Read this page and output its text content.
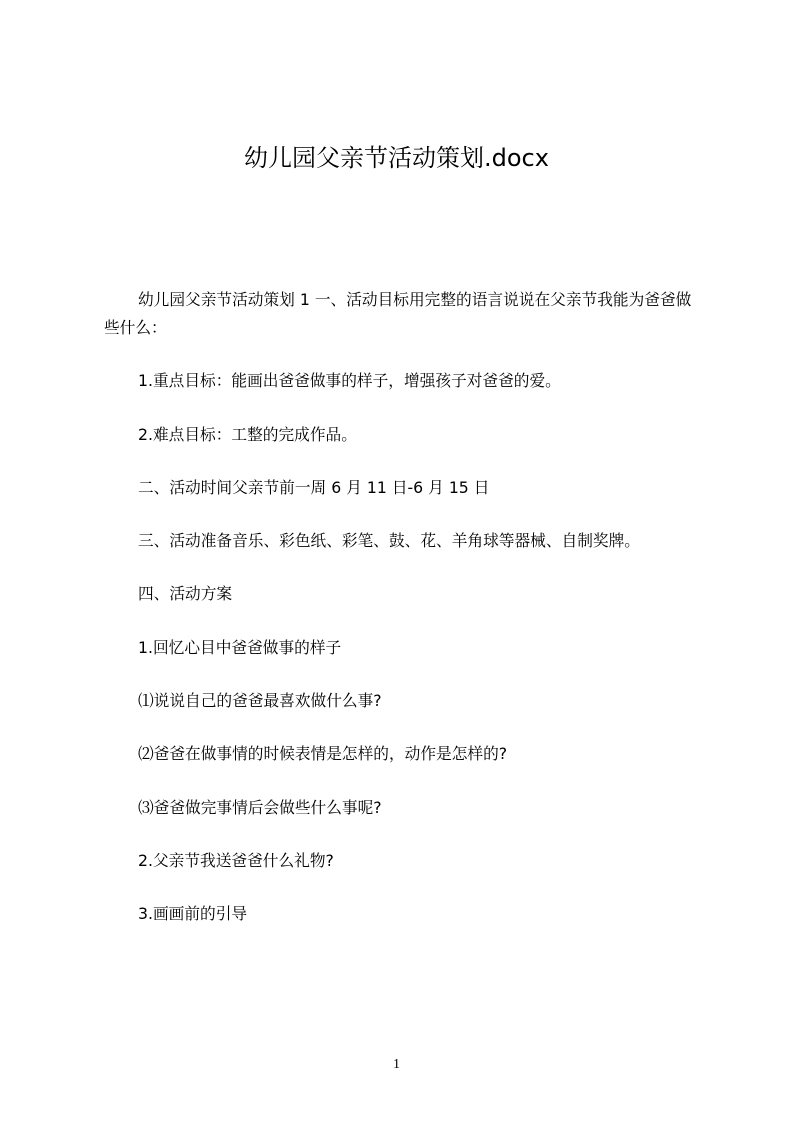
幼儿园父亲节活动策划.docx

幼儿园父亲节活动策划 1 一、活动目标用完整的语言说说在父亲节我能为爸爸做
些什么：

1.重点目标：能画出爸爸做事的样子，增强孩子对爸爸的爱。

2.难点目标：工整的完成作品。

二、活动时间父亲节前一周 6 月 11 日-6 月 15 日

三、活动准备音乐、彩色纸、彩笔、鼓、花、羊角球等器械、自制奖牌。

四、活动方案

1.回忆心目中爸爸做事的样子

⑴说说自己的爸爸最喜欢做什么事?

⑵爸爸在做事情的时候表情是怎样的，动作是怎样的?

⑶爸爸做完事情后会做些什么事呢?

2.父亲节我送爸爸什么礼物?

3.画画前的引导

1
